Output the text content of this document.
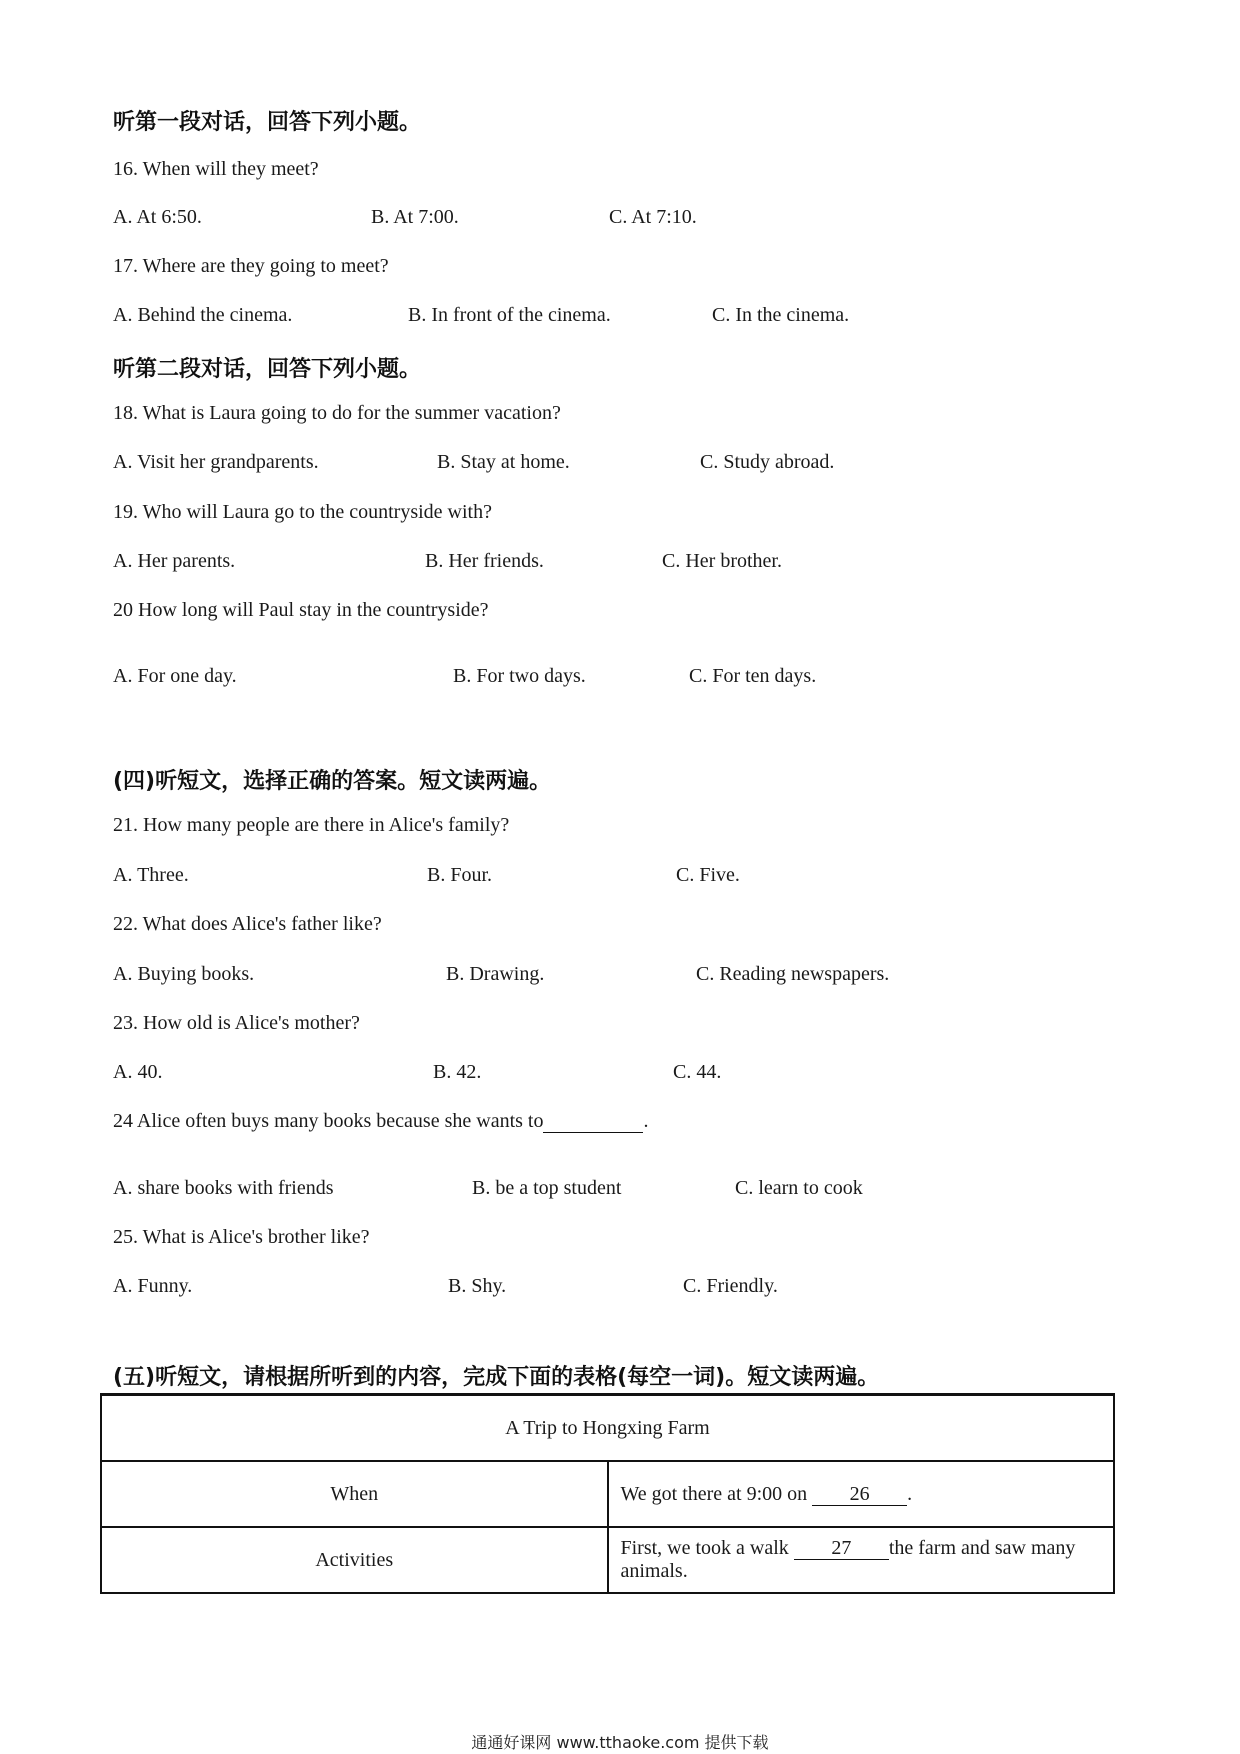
听第一段对话，回答下列小题。
16. When will they meet?
A. At 6:50.	B. At 7:00.	C. At 7:10.
17. Where are they going to meet?
A. Behind the cinema.	B. In front of the cinema.	C. In the cinema.
听第二段对话，回答下列小题。
18. What is Laura going to do for the summer vacation?
A. Visit her grandparents.	B. Stay at home.	C. Study abroad.
19. Who will Laura go to the countryside with?
A. Her parents.	B. Her friends.	C. Her brother.
20 How long will Paul stay in the countryside?
A. For one day.	B. For two days.	C. For ten days.
(四)听短文，选择正确的答案。短文读两遍。
21. How many people are there in Alice's family?
A. Three.	B. Four.	C. Five.
22. What does Alice's father like?
A. Buying books.	B. Drawing.	C. Reading newspapers.
23. How old is Alice's mother?
A. 40.	B. 42.	C. 44.
24 Alice often buys many books because she wants to	.
A. share books with friends	B. be a top student	C. learn to cook
25. What is Alice's brother like?
A. Funny.	B. Shy.	C. Friendly.
(五)听短文，请根据所听到的内容，完成下面的表格(每空一词)。短文读两遍。
A Trip to Hongxing Farm	
When	We got there at 9:00 on 26 .
Activities	First, we took a walk 27 the farm and saw many animals.
通通好课网 www.tthaoke.com 提供下载
